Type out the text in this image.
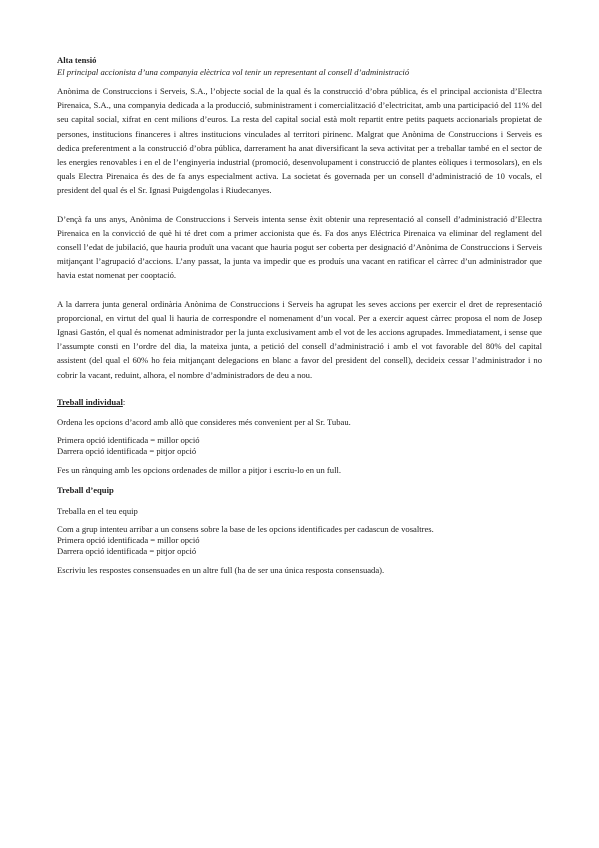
Alta tensió
El principal accionista d’una companyia elèctrica vol tenir un representant al consell d’administració

Anònima de Construccions i Serveis, S.A., l’objecte social de la qual és la construcció d’obra pública, és el principal accionista d’Electra Pirenaica, S.A., una companyia dedicada a la producció, subministrament i comercialització d’electricitat, amb una participació del 11% del seu capital social, xifrat en cent milions d’euros. La resta del capital social està molt repartit entre petits paquets accionarials propietat de persones, institucions financeres i altres institucions vinculades al territori pirinenc. Malgrat que Anònima de Construccions i Serveis es dedica preferentment a la construcció d’obra pública, darrerament ha anat diversificant la seva activitat per a treballar també en el sector de les energies renovables i en el de l’enginyeria industrial (promoció, desenvolupament i construcció de plantes eòliques i termosolars), en els quals Electra Pirenaica és des de fa anys especialment activa. La societat és governada per un consell d’administració de 10 vocals, el president del qual és el Sr. Ignasi Puigdengolas i Riudecanyes.

D’ençà fa uns anys, Anònima de Construccions i Serveis intenta sense èxit obtenir una representació al consell d’administració d’Electra Pirenaica en la convicció de què hi té dret com a primer accionista que és. Fa dos anys Eléctrica Pirenaica va eliminar del reglament del consell l’edat de jubilació, que hauria produït una vacant que hauria pogut ser coberta per designació d’Anònima de Construccions i Serveis mitjançant l’agrupació d’accions. L’any passat, la junta va impedir que es produís una vacant en ratificar el càrrec d’un administrador que havia estat nomenat per cooptació.

A la darrera junta general ordinària Anònima de Construccions i Serveis ha agrupat les seves accions per exercir el dret de representació proporcional, en virtut del qual li hauria de correspondre el nomenament d’un vocal. Per a exercir aquest càrrec proposa el nom de Josep Ignasi Gastón, el qual és nomenat administrador per la junta exclusivament amb el vot de les accions agrupades. Immediatament, i sense que l’assumpte consti en l’ordre del dia, la mateixa junta, a petició del consell d’administració i amb el vot favorable del 80% del capital assistent (del qual el 60% ho feia mitjançant delegacions en blanc a favor del president del consell), decideix cessar l’administrador i no cobrir la vacant, reduint, alhora, el nombre d’administradors de deu a nou.

Treball individual:

Ordena les opcions d’acord amb allò que consideres més convenient per al Sr. Tubau.

Primera opció identificada = millor opció

Darrera opció identificada = pitjor opció

Fes un rànquing amb les opcions ordenades de millor a pitjor i escriu-lo en un full.

Treball d’equip

Treballa en el teu equip

Com a grup intenteu arribar a un consens sobre la base de les opcions identificades per cadascun de vosaltres.

Primera opció identificada = millor opció

Darrera opció identificada = pitjor opció

Escriviu les respostes consensuades en un altre full (ha de ser una única resposta consensuada).
